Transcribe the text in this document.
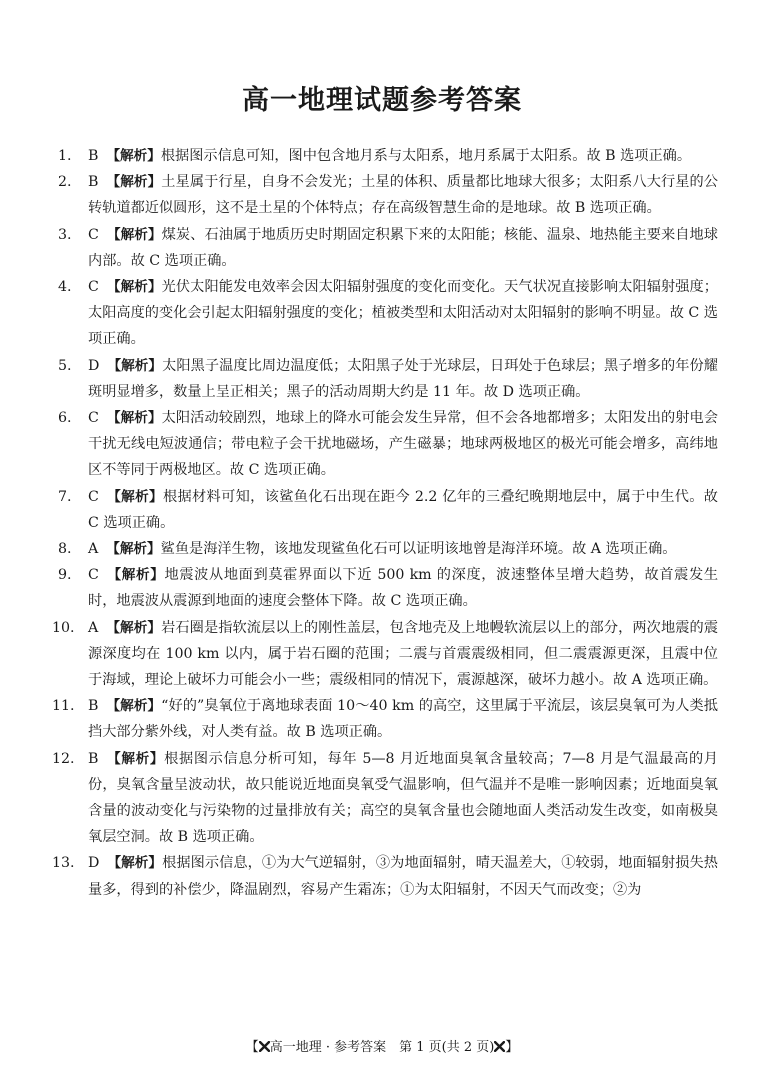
高一地理试题参考答案
1. B 【解析】根据图示信息可知，图中包含地月系与太阳系，地月系属于太阳系。故 B 选项正确。
2. B 【解析】土星属于行星，自身不会发光；土星的体积、质量都比地球大很多；太阳系八大行星的公转轨道都近似圆形，这不是土星的个体特点；存在高级智慧生命的是地球。故 B 选项正确。
3. C 【解析】煤炭、石油属于地质历史时期固定积累下来的太阳能；核能、温泉、地热能主要来自地球内部。故 C 选项正确。
4. C 【解析】光伏太阳能发电效率会因太阳辐射强度的变化而变化。天气状况直接影响太阳辐射强度；太阳高度的变化会引起太阳辐射强度的变化；植被类型和太阳活动对太阳辐射的影响不明显。故 C 选项正确。
5. D 【解析】太阳黑子温度比周边温度低；太阳黑子处于光球层，日珥处于色球层；黑子增多的年份耀斑明显增多，数量上呈正相关；黑子的活动周期大约是 11 年。故 D 选项正确。
6. C 【解析】太阳活动较剧烈，地球上的降水可能会发生异常，但不会各地都增多；太阳发出的射电会干扰无线电短波通信；带电粒子会干扰地磁场，产生磁暴；地球两极地区的极光可能会增多，高纬地区不等同于两极地区。故 C 选项正确。
7. C 【解析】根据材料可知，该鲨鱼化石出现在距今 2.2 亿年的三叠纪晚期地层中，属于中生代。故 C 选项正确。
8. A 【解析】鲨鱼是海洋生物，该地发现鲨鱼化石可以证明该地曾是海洋环境。故 A 选项正确。
9. C 【解析】地震波从地面到莫霍界面以下近 500 km 的深度，波速整体呈增大趋势，故首震发生时，地震波从震源到地面的速度会整体下降。故 C 选项正确。
10. A 【解析】岩石圈是指软流层以上的刚性盖层，包含地壳及上地幔软流层以上的部分，两次地震的震源深度均在 100 km 以内，属于岩石圈的范围；二震与首震震级相同，但二震震源更深，且震中位于海域，理论上破坏力可能会小一些；震级相同的情况下，震源越深，破坏力越小。故 A 选项正确。
11. B 【解析】“好的”臭氧位于离地球表面 10～40 km 的高空，这里属于平流层，该层臭氧可为人类抵挡大部分紫外线，对人类有益。故 B 选项正确。
12. B 【解析】根据图示信息分析可知，每年 5—8 月近地面臭氧含量较高；7—8 月是气温最高的月份，臭氧含量呈波动状，故只能说近地面臭氧受气温影响，但气温并不是唯一影响因素；近地面臭氧含量的波动变化与污染物的过量排放有关；高空的臭氧含量也会随地面人类活动发生改变，如南极臭氧层空洞。故 B 选项正确。
13. D 【解析】根据图示信息，①为大气逆辐射，③为地面辐射，晴天温差大，①较弱，地面辐射损失热量多，得到的补偿少，降温剧烈，容易产生霜冻；①为太阳辐射，不因天气而改变；②为
【 高一地理 · 参考答案　第 1 页(共 2 页) 】
